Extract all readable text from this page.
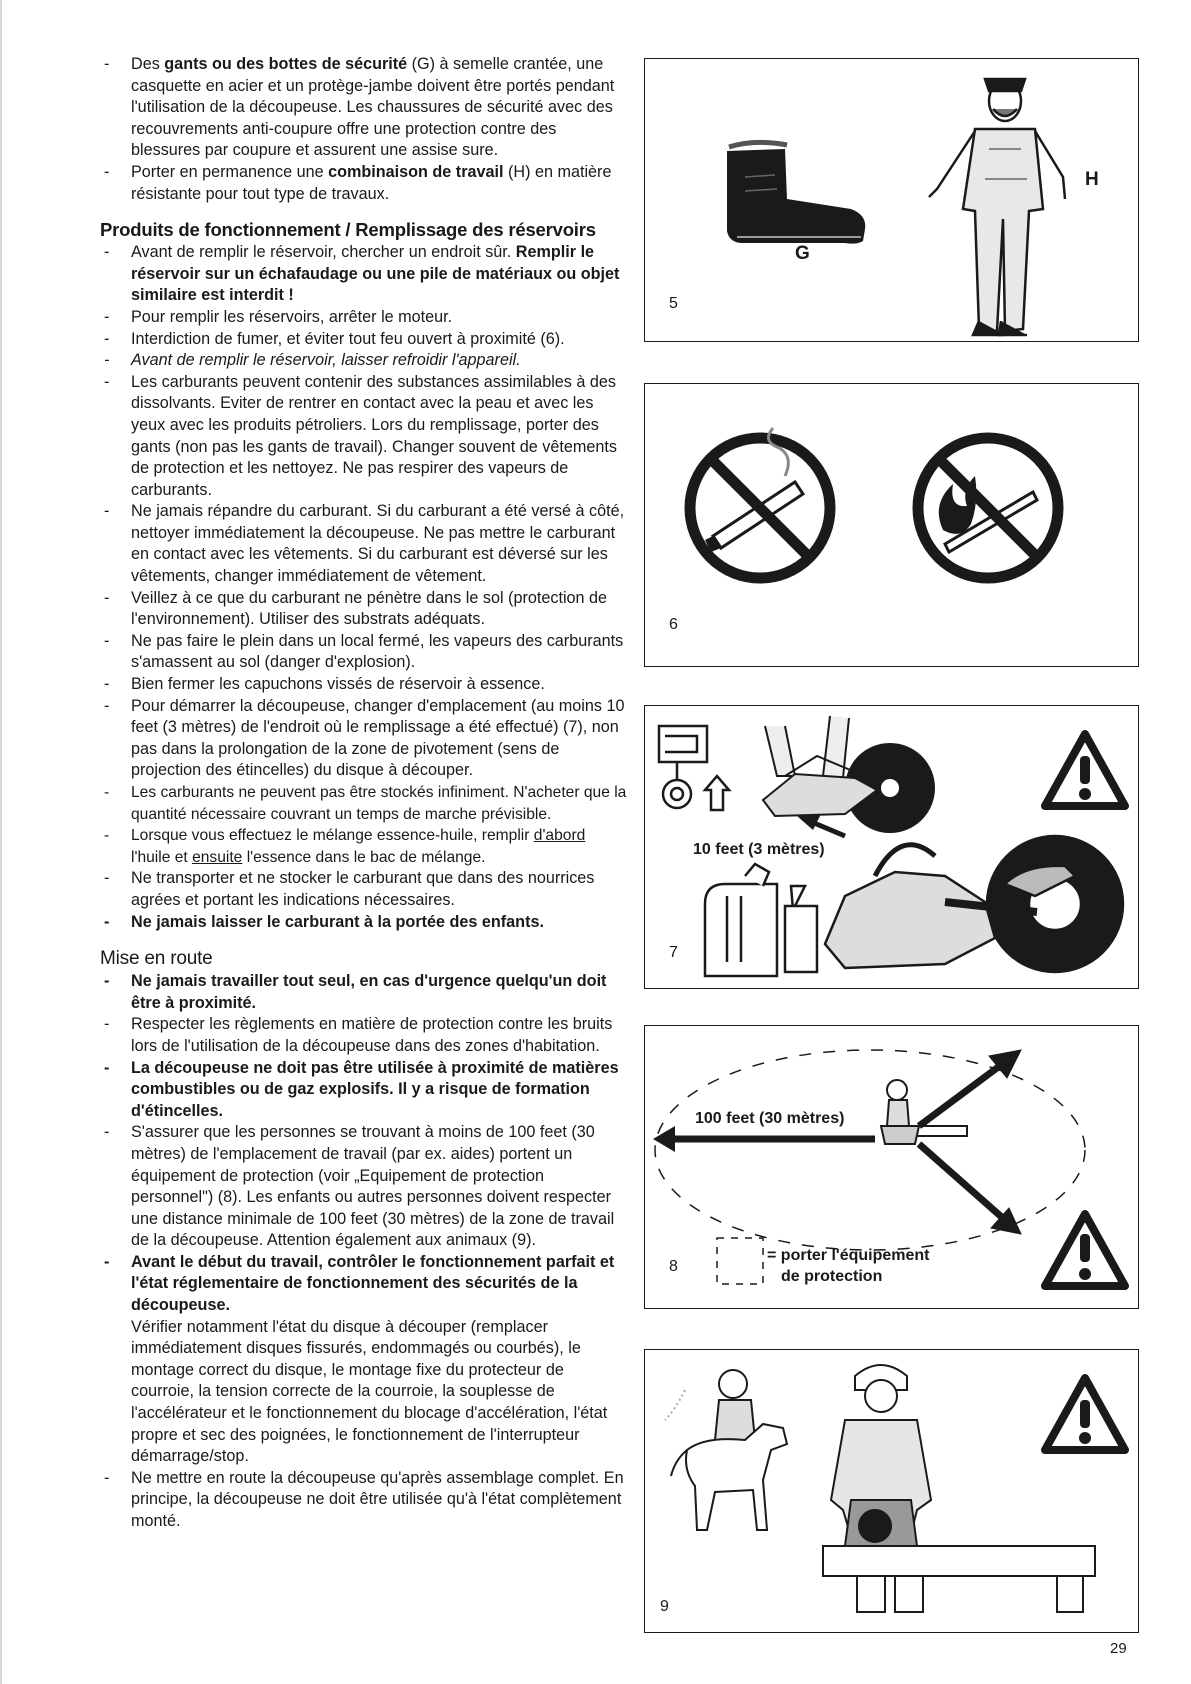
- Des gants ou des bottes de sécurité (G) à semelle crantée, une casquette en acier et un protège-jambe doivent être portés pendant l'utilisation de la découpeuse. Les chaussures de sécurité avec des recouvrements anti-coupure offre une protection contre des blessures par coupure et assurent une assise sure.

- Porter en permanence une combinaison de travail (H) en matière résistante pour tout type de travaux.

Produits de fonctionnement / Remplissage des réservoirs

- Avant de remplir le réservoir, chercher un endroit sûr. Remplir le réservoir sur un échafaudage ou une pile de matériaux ou objet similaire est interdit !

- Pour remplir les réservoirs, arrêter le moteur.

- Interdiction de fumer, et éviter tout feu ouvert à proximité (6).

- Avant de remplir le réservoir, laisser refroidir l'appareil.

- Les carburants peuvent contenir des substances assimilables à des dissolvants. Eviter de rentrer en contact avec la peau et avec les yeux avec les produits pétroliers. Lors du remplissage, porter des gants (non pas les gants de travail). Changer souvent de vêtements de protection et les nettoyez. Ne pas respirer des vapeurs de carburants.

- Ne jamais répandre du carburant. Si du carburant a été versé à côté, nettoyer immédiatement la découpeuse. Ne pas mettre le carburant en contact avec les vêtements. Si du carburant est déversé sur les vêtements, changer immédiatement de vêtement.

- Veillez à ce que du carburant ne pénètre dans le sol (protection de l'environnement). Utiliser des substrats adéquats.

- Ne pas faire le plein dans un local fermé, les vapeurs des carburants s'amassent au sol (danger d'explosion).

- Bien fermer les capuchons vissés de réservoir à essence.

- Pour démarrer la découpeuse, changer d'emplacement (au moins 10 feet (3 mètres) de l'endroit où le remplissage a été effectué) (7), non pas dans la prolongation de la zone de pivotement (sens de projection des étincelles) du disque à découper.

- Les carburants ne peuvent pas être stockés infiniment. N'acheter que la quantité nécessaire couvrant un temps de marche prévisible.

- Lorsque vous effectuez le mélange essence-huile, remplir d'abord l'huile et ensuite l'essence dans le bac de mélange.

- Ne transporter et ne stocker le carburant que dans des nourrices agrées et portant les indications nécessaires.

- Ne jamais laisser le carburant à la portée des enfants.

Mise en route

- Ne jamais travailler tout seul, en cas d'urgence quelqu'un doit être à proximité.

- Respecter les règlements en matière de protection contre les bruits lors de l'utilisation de la découpeuse dans des zones d'habitation.

- La découpeuse ne doit pas être utilisée à proximité de matières combustibles ou de gaz explosifs. Il y a risque de formation d'étincelles.

- S'assurer que les personnes se trouvant à moins de 100 feet (30 mètres) de l'emplacement de travail (par ex. aides) portent un équipement de protection (voir „Equipement de protection personnel") (8). Les enfants ou autres personnes doivent respecter une distance minimale de 100 feet (30 mètres) de la zone de travail de la découpeuse. Attention également aux animaux (9).

- Avant le début du travail, contrôler le fonctionnement parfait et l'état réglementaire de fonctionnement des sécurités de la découpeuse.

Vérifier notamment l'état du disque à découper (remplacer immédiatement disques fissurés, endommagés ou courbés), le montage correct du disque, le montage fixe du protecteur de courroie, la tension correcte de la courroie, la souplesse de l'accélérateur et le fonctionnement du blocage d'accélération, l'état propre et sec des poignées, le fonctionnement de l'interrupteur démarrage/stop.

- Ne mettre en route la découpeuse qu'après assemblage complet. En principe, la découpeuse ne doit être utilisée qu'à l'état complètement monté.

5
G
H
6
10 feet (3 mètres)
7
100 feet (30 mètres)
= porter l'équipement
de protection
8
9
29
